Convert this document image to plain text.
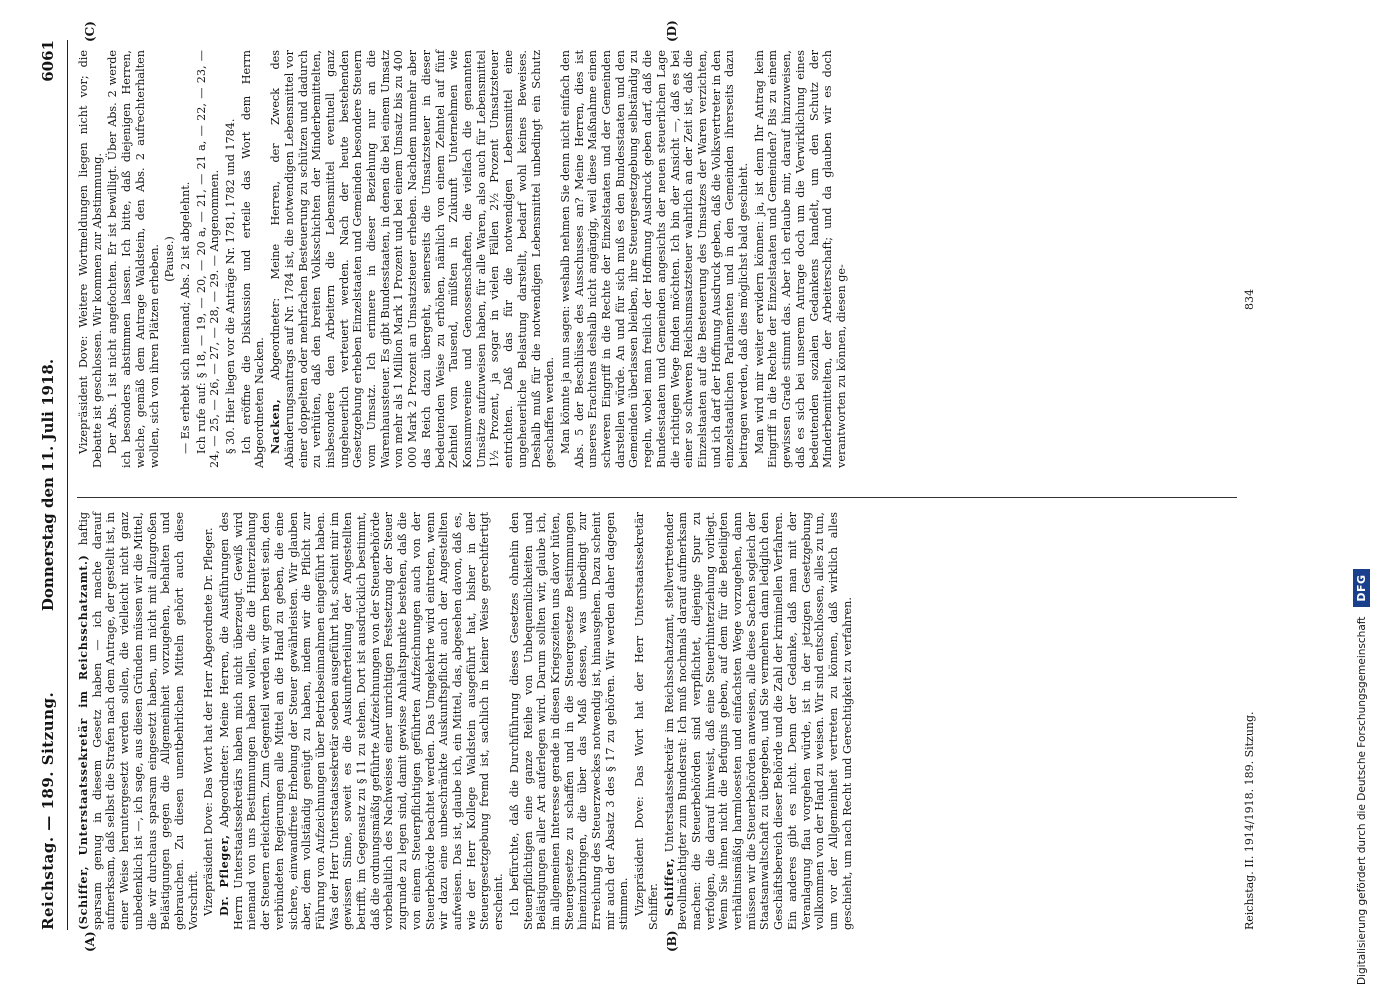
Reichstag. — 189. Sitzung.
Donnerstag den 11. Juli 1918.
6061
(A)	(B)
(C)	(D)

(Schiffer, Unterstaatssekretär im Reichsschatzamt.) haftig sparsam genug in diesem Gesetz haben — ich mache darauf aufmerksam, daß selbst die Strafen nach dem Antrage, der gestellt ist, in einer Weise heruntergesetzt werden sollen, die vielleicht nicht ganz unbedenklich ist —, ich sage, aus diesen Gründen müssen wir die Mittel, die wir durchaus sparsam eingesetzt haben, um nicht mit allzugroßen Belästigungen gegen die Allgemeinheit vorzugehen, behalten und gebrauchen. Zu diesen unentbehrlichen Mitteln gehört auch diese Vorschrift. Vizepräsident Dove: Das Wort hat der Herr Abgeordnete Dr. Pfleger. Dr. Pfleger, Abgeordneter: Meine Herren, die Ausführungen des Herrn Unterstaatssekretärs haben mich nicht überzeugt. Gewiß wird niemand von uns Bestimmungen haben wollen, die die Hinterziehung der Steuern erleichtern. Zum Gegenteil werden wir gern bereit sein, den verbündeten Regierungen alle Mittel an die Hand zu geben, die eine sichere, einwandfreie Erhebung der Steuer gewährleisten. Wir glauben aber, dem vollständig genügt zu haben, indem wir die Pflicht zur Führung von Aufzeichnungen über Betriebseinnahmen eingeführt haben. Was der Herr Unterstaatssekretär soeben ausgeführt hat, scheint mir im gewissen Sinne, soweit es die Auskunfterteilung der Angestellten betrifft, im Gegensatz zu § 11 zu stehen. Dort ist ausdrücklich bestimmt, daß die ordnungsmäßig geführte Aufzeichnungen von der Steuerbehörde vorbehaltlich des Nachweises einer unrichtigen Festsetzung der Steuer zugrunde zu legen sind, damit gewisse Anhaltspunkte bestehen, daß die von einem Steuerpflichtigen geführten Aufzeichnungen auch von der Steuerbehörde beachtet werden. Das Umgekehrte wird eintreten, wenn wir dazu eine unbeschränkte Auskunftspflicht auch der Angestellten aufweisen. Das ist, glaube ich, ein Mittel, das, abgesehen davon, daß es, wie der Herr Kollege Waldstein ausgeführt hat, bisher in der Steuergesetzgebung fremd ist, sachlich in keiner Weise gerechtfertigt erscheint. Ich befürchte, daß die Durchführung dieses Gesetzes ohnehin den Steuerpflichtigen eine ganze Reihe von Unbequemlichkeiten und Belästigungen aller Art auferlegen wird. Darum sollten wir, glaube ich, im allgemeinen Interesse gerade in diesen Kriegszeiten uns davor hüten, Steuergesetze zu schaffen und in die Steuergesetze Bestimmungen hineinzubringen, die über das Maß dessen, was unbedingt zur Erreichung des Steuerzweckes notwendig ist, hinausgehen. Dazu scheint mir auch der Absatz 3 des § 17 zu gehören. Wir werden daher dagegen stimmen. Vizepräsident Dove: Das Wort hat der Herr Unterstaatssekretär Schiffer. Schiffer, Unterstaatssekretär im Reichsschatzamt, stellvertretender Bevollmächtigter zum Bundesrat: Ich muß nochmals darauf aufmerksam machen: die Steuerbehörden sind verpflichtet, diejenige Spur zu verfolgen, die darauf hinweist, daß eine Steuerhinterziehung vorliegt. Wenn Sie ihnen nicht die Befugnis geben, auf dem für die Beteiligten verhältnismäßig harmlosesten und einfachsten Wege vorzugehen, dann müssen wir die Steuerbehörden anweisen, alle diese Sachen sogleich der Staatsanwaltschaft zu übergeben, und Sie vermehren dann lediglich den Geschäftsbereich dieser Behörde und die Zahl der kriminellen Verfahren. Ein anderes gibt es nicht. Denn der Gedanke, daß man mit der Veranlagung flau vorgehen würde, ist in der jetzigen Gesetzgebung vollkommen von der Hand zu weisen. Wir sind entschlossen, alles zu tun, um vor der Allgemeinheit vertreten zu können, daß wirklich alles geschieht, um nach Recht und Gerechtigkeit zu verfahren.

Vizepräsident Dove: Weitere Wortmeldungen liegen nicht vor; die Debatte ist geschlossen. Wir kommen zur Abstimmung. Der Abs. 1 ist nicht angefochten. Er ist bewilligt. Über Abs. 2 werde ich besonders abstimmen lassen. Ich bitte, daß diejenigen Herren, welche, gemäß dem Antrage Waldstein, den Abs. 2 aufrechterhalten wollen, sich von ihren Plätzen erheben. (Pause.) — Es erhebt sich niemand; Abs. 2 ist abgelehnt. Ich rufe auf: § 18, — 19, — 20, — 20 a, — 21, — 21 a, — 22, — 23, — 24, — 25, — 26, — 27, — 28, — 29. — Angenommen. § 30. Hier liegen vor die Anträge Nr. 1781, 1782 und 1784. Ich eröffne die Diskussion und erteile das Wort dem Herrn Abgeordneten Nacken. Nacken, Abgeordneter: Meine Herren, der Zweck des Abänderungsantrags auf Nr. 1784 ist, die notwendigen Lebensmittel vor einer doppelten oder mehrfachen Besteuerung zu schützen und dadurch zu verhüten, daß den breiten Volksschichten der Minderbemittelten, insbesondere den Arbeitern die Lebensmittel eventuell ganz ungeheuerlich verteuert werden. Nach der heute bestehenden Gesetzgebung erheben Einzelstaaten und Gemeinden besondere Steuern vom Umsatz. Ich erinnere in dieser Beziehung nur an die Warenhaussteuer. Es gibt Bundesstaaten, in denen die bei einem Umsatz von mehr als 1 Million Mark 1 Prozent und bei einem Umsatz bis zu 400 000 Mark 2 Prozent an Umsatzsteuer erheben. Nachdem nunmehr aber das Reich dazu übergeht, seinerseits die Umsatzsteuer in dieser bedeutenden Weise zu erhöhen, nämlich von einem Zehntel auf fünf Zehntel vom Tausend, müßten in Zukunft Unternehmen wie Konsumvereine und Genossenschaften, die vielfach die genannten Umsätze aufzuweisen haben, für alle Waren, also auch für Lebensmittel 1½ Prozent, ja sogar in vielen Fällen 2½ Prozent Umsatzsteuer entrichten. Daß das für die notwendigen Lebensmittel eine ungeheuerliche Belastung darstellt, bedarf wohl keines Beweises. Deshalb muß für die notwendigen Lebensmittel unbedingt ein Schutz geschaffen werden. Man könnte ja nun sagen: weshalb nehmen Sie denn nicht einfach den Abs. 5 der Beschlüsse des Ausschusses an? Meine Herren, dies ist unseres Erachtens deshalb nicht angängig, weil diese Maßnahme einen schweren Eingriff in die Rechte der Einzelstaaten und der Gemeinden darstellen würde. An und für sich muß es den Bundesstaaten und den Gemeinden überlassen bleiben, ihre Steuergesetzgebung selbständig zu regeln, wobei man freilich der Hoffnung Ausdruck geben darf, daß die Bundesstaaten und Gemeinden angesichts der neuen steuerlichen Lage die richtigen Wege finden möchten. Ich bin der Ansicht —, daß es bei einer so schweren Reichsumsatzsteuer wahrlich an der Zeit ist, daß die Einzelstaaten auf die Besteuerung des Umsatzes der Waren verzichten, und ich darf der Hoffnung Ausdruck geben, daß die Volksvertreter in den einzelstaatlichen Parlamenten und in den Gemeinden ihrerseits dazu beitragen werden, daß dies möglichst bald geschieht. Man wird mir weiter erwidern können: ja, ist denn Ihr Antrag kein Eingriff in die Rechte der Einzelstaaten und Gemeinden? Bis zu einem gewissen Grade stimmt das. Aber ich erlaube mir, darauf hinzuweisen, daß es sich bei unserem Antrage doch um die Verwirklichung eines bedeutenden sozialen Gedankens handelt, um den Schutz der Minderbemittelten, der Arbeiterschaft; und da glauben wir es doch verantworten zu können, diesen ge-

Reichstag. II. 1914/1918. 189. Sitzung.
834
Digitalisierung gefördert durch die Deutsche Forschungsgemeinschaft
DFG
